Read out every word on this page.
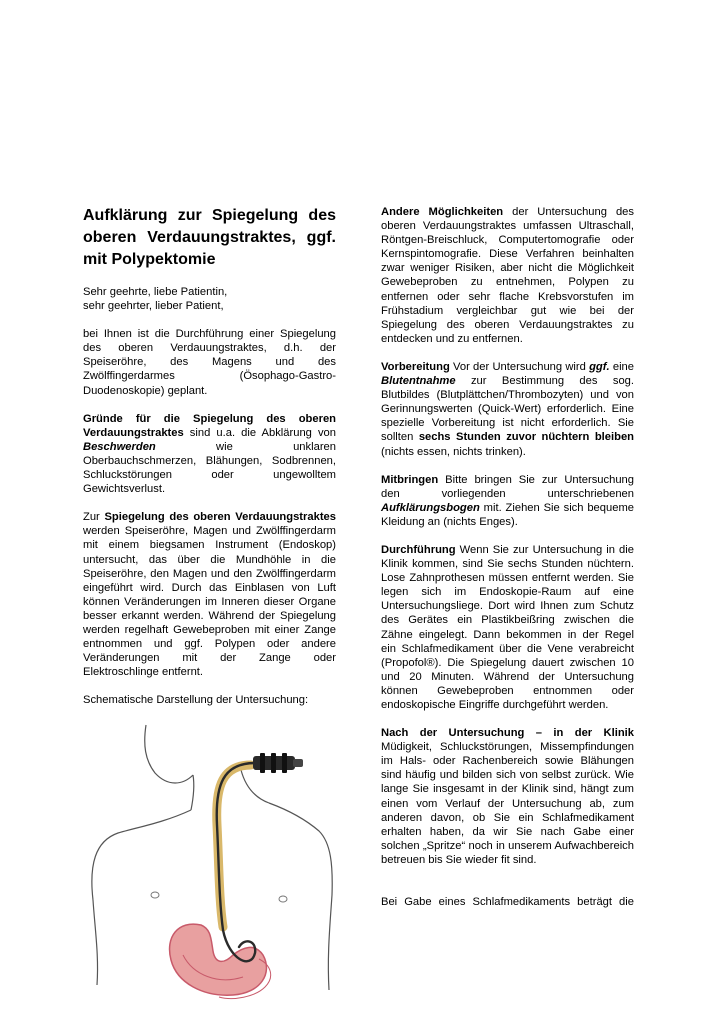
Aufklärung zur Spiegelung des oberen Verdauungstraktes, ggf. mit Polypektomie
Sehr geehrte, liebe Patientin,
sehr geehrter, lieber Patient,

bei Ihnen ist die Durchführung einer Spiegelung des oberen Verdauungstraktes, d.h. der Speiseröhre, des Magens und des Zwölffingerdarmes (Ösophago-Gastro-Duodenoskopie) geplant.

Gründe für die Spiegelung des oberen Verdauungstraktes sind u.a. die Abklärung von Beschwerden wie unklaren Oberbauchschmerzen, Blähungen, Sodbrennen, Schluckstörungen oder ungewolltem Gewichtsverlust.

Zur Spiegelung des oberen Verdauungstraktes werden Speiseröhre, Magen und Zwölffingerdarm mit einem biegsamen Instrument (Endoskop) untersucht, das über die Mundhöhle in die Speiseröhre, den Magen und den Zwölffingerdarm eingeführt wird. Durch das Einblasen von Luft können Veränderungen im Inneren dieser Organe besser erkannt werden. Während der Spiegelung werden regelhaft Gewebeproben mit einer Zange entnommen und ggf. Polypen oder andere Veränderungen mit der Zange oder Elektroschlinge entfernt.

Schematische Darstellung der Untersuchung:

Andere Möglichkeiten der Untersuchung des oberen Verdauungstraktes umfassen Ultraschall, Röntgen-Breischluck, Computertomografie oder Kernspintomografie. Diese Verfahren beinhalten zwar weniger Risiken, aber nicht die Möglichkeit Gewebeproben zu entnehmen, Polypen zu entfernen oder sehr flache Krebsvorstufen im Frühstadium vergleichbar gut wie bei der Spiegelung des oberen Verdauungstraktes zu entdecken und zu entfernen.

Vorbereitung Vor der Untersuchung wird ggf. eine Blutentnahme zur Bestimmung des sog. Blutbildes (Blutplättchen/Thrombozyten) und von Gerinnungswerten (Quick-Wert) erforderlich. Eine spezielle Vorbereitung ist nicht erforderlich. Sie sollten sechs Stunden zuvor nüchtern bleiben (nichts essen, nichts trinken).

Mitbringen Bitte bringen Sie zur Untersuchung den vorliegenden unterschriebenen Aufklärungsbogen mit. Ziehen Sie sich bequeme Kleidung an (nichts Enges).

Durchführung Wenn Sie zur Untersuchung in die Klinik kommen, sind Sie sechs Stunden nüchtern. Lose Zahnprothesen müssen entfernt werden. Sie legen sich im Endoskopie-Raum auf eine Untersuchungsliege. Dort wird Ihnen zum Schutz des Gerätes ein Plastikbeißring zwischen die Zähne eingelegt. Dann bekommen in der Regel ein Schlafmedikament über die Vene verabreicht (Propofol®). Die Spiegelung dauert zwischen 10 und 20 Minuten. Während der Untersuchung können Gewebeproben entnommen oder endoskopische Eingriffe durchgeführt werden.

Nach der Untersuchung – in der Klinik Müdigkeit, Schluckstörungen, Missempfindungen im Hals- oder Rachenbereich sowie Blähungen sind häufig und bilden sich von selbst zurück. Wie lange Sie insgesamt in der Klinik sind, hängt zum einen vom Verlauf der Untersuchung ab, zum anderen davon, ob Sie ein Schlafmedikament erhalten haben, da wir Sie nach Gabe einer solchen „Spritze“ noch in unserem Aufwachbereich betreuen bis Sie wieder fit sind.

Bei Gabe eines Schlafmedikaments beträgt die
